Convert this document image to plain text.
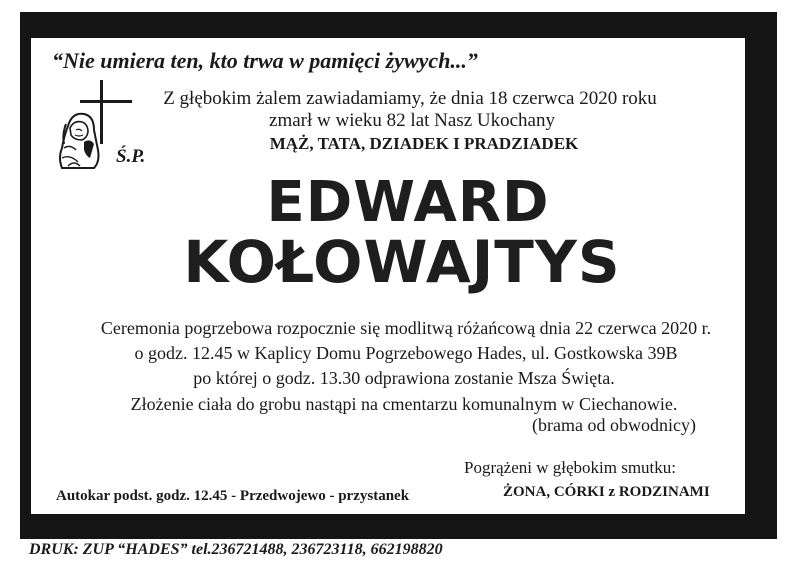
“Nie umiera ten, kto trwa w pamięci żywych...”
Ś.P.
Z głębokim żalem zawiadamiamy, że dnia 18 czerwca 2020 roku
zmarł w wieku 82 lat Nasz Ukochany
MĄŻ, TATA, DZIADEK I PRADZIADEK
EDWARD
KOŁOWAJTYS
Ceremonia pogrzebowa rozpocznie się modlitwą różańcową dnia 22 czerwca 2020 r.
o godz. 12.45 w Kaplicy Domu Pogrzebowego Hades, ul. Gostkowska 39B
po której o godz. 13.30 odprawiona zostanie Msza Święta.
Złożenie ciała do grobu nastąpi na cmentarzu komunalnym w Ciechanowie.
(brama od obwodnicy)
Pogrążeni w głębokim smutku:
ŻONA, CÓRKI z RODZINAMI
Autokar podst. godz. 12.45 - Przedwojewo - przystanek
DRUK: ZUP “HADES” tel.236721488, 236723118, 662198820
